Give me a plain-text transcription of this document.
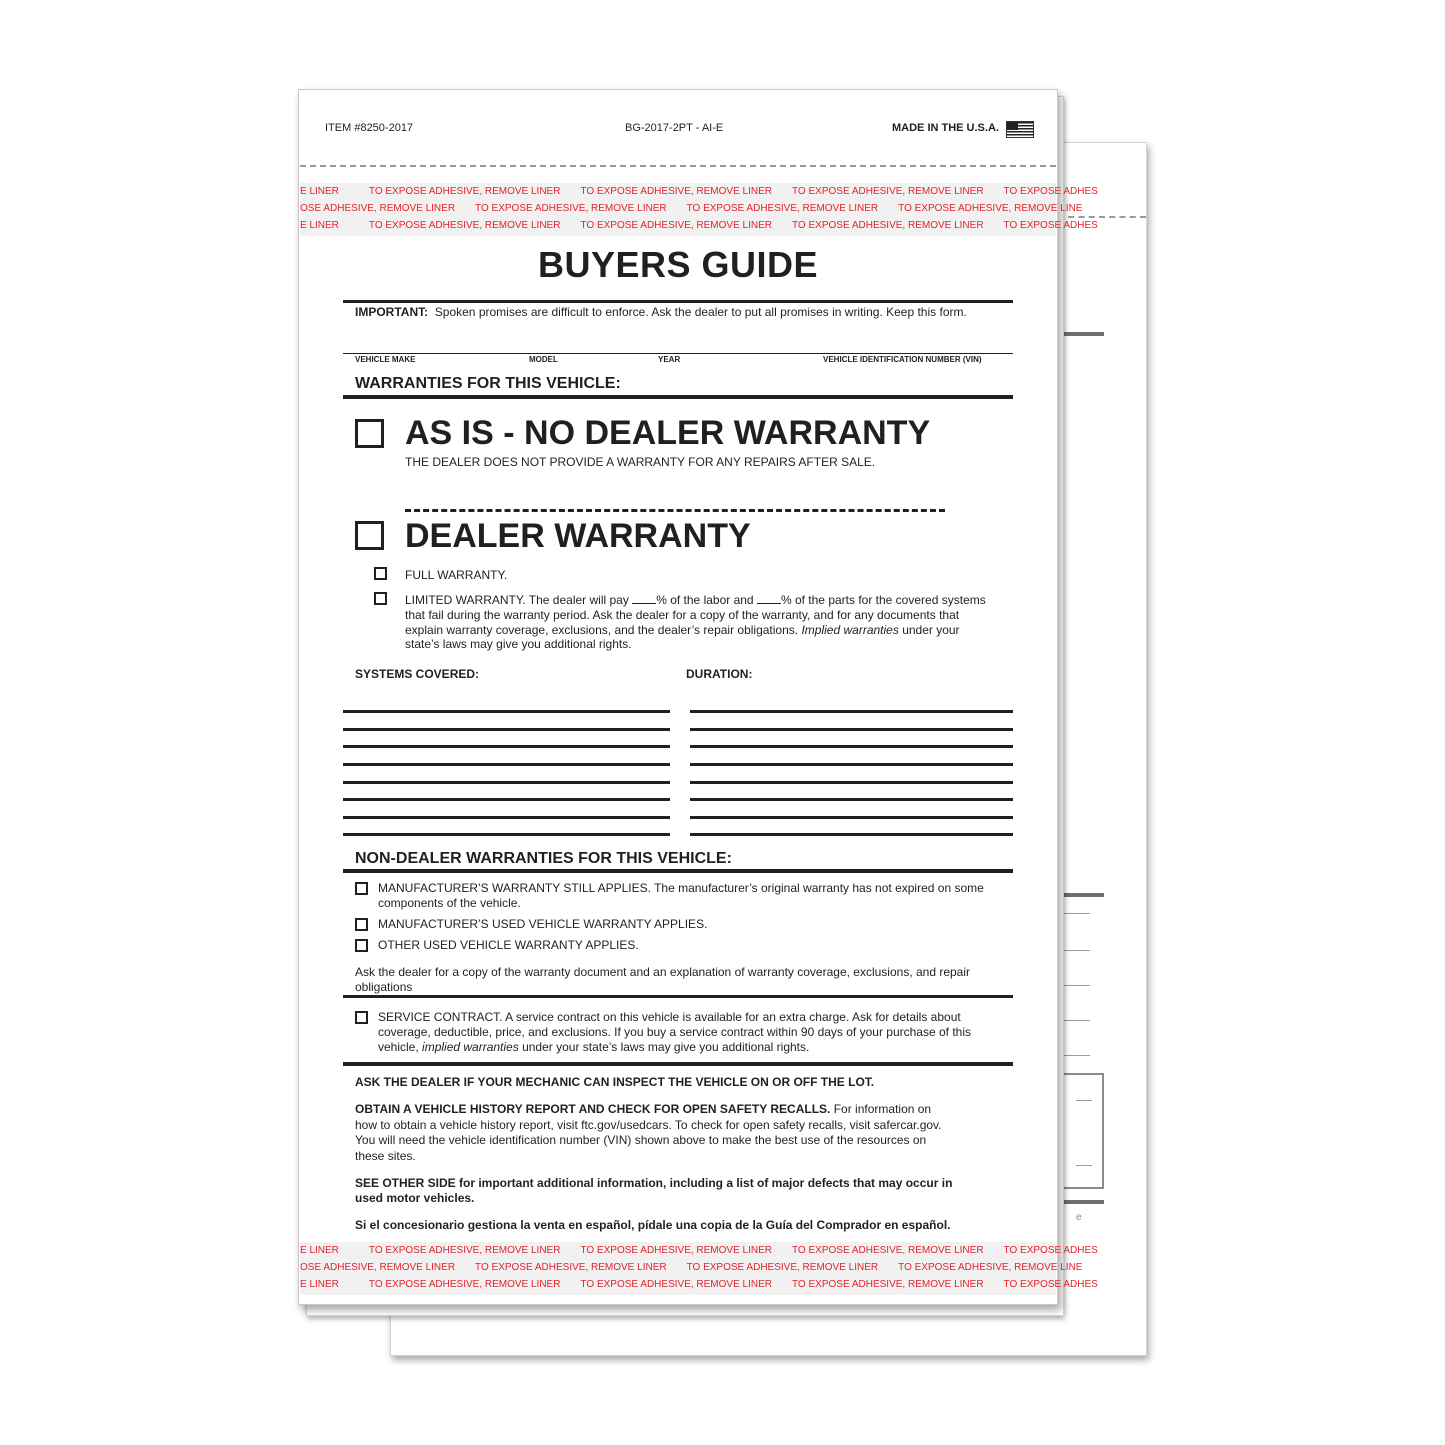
e
ITEM #8250-2017	BG-2017-2PT - AI-E	MADE IN THE U.S.A.
E LINER	TO EXPOSE ADHESIVE, REMOVE LINER TO EXPOSE ADHESIVE, REMOVE LINER TO EXPOSE ADHESIVE, REMOVE LINER TO EXPOSE ADHES
OSE ADHESIVE, REMOVE LINER TO EXPOSE ADHESIVE, REMOVE LINER TO EXPOSE ADHESIVE, REMOVE LINER TO EXPOSE ADHESIVE, REMOVE LINE
E LINER	TO EXPOSE ADHESIVE, REMOVE LINER TO EXPOSE ADHESIVE, REMOVE LINER TO EXPOSE ADHESIVE, REMOVE LINER TO EXPOSE ADHES
BUYERS GUIDE
IMPORTANT: Spoken promises are difficult to enforce. Ask the dealer to put all promises in writing. Keep this form.
VEHICLE MAKE	MODEL	YEAR	VEHICLE IDENTIFICATION NUMBER (VIN)
WARRANTIES FOR THIS VEHICLE:
AS IS - NO DEALER WARRANTY
THE DEALER DOES NOT PROVIDE A WARRANTY FOR ANY REPAIRS AFTER SALE.
DEALER WARRANTY
FULL WARRANTY.
LIMITED WARRANTY. The dealer will pay % of the labor and % of the parts for the covered systems
that fail during the warranty period. Ask the dealer for a copy of the warranty, and for any documents that
explain warranty coverage, exclusions, and the dealer’s repair obligations. Implied warranties under your
state’s laws may give you additional rights.
SYSTEMS COVERED:	DURATION:
NON-DEALER WARRANTIES FOR THIS VEHICLE:
MANUFACTURER’S WARRANTY STILL APPLIES. The manufacturer’s original warranty has not expired on some
components of the vehicle.
MANUFACTURER’S USED VEHICLE WARRANTY APPLIES.
OTHER USED VEHICLE WARRANTY APPLIES.
Ask the dealer for a copy of the warranty document and an explanation of warranty coverage, exclusions, and repair
obligations
SERVICE CONTRACT. A service contract on this vehicle is available for an extra charge. Ask for details about
coverage, deductible, price, and exclusions. If you buy a service contract within 90 days of your purchase of this
vehicle, implied warranties under your state’s laws may give you additional rights.
ASK THE DEALER IF YOUR MECHANIC CAN INSPECT THE VEHICLE ON OR OFF THE LOT.
OBTAIN A VEHICLE HISTORY REPORT AND CHECK FOR OPEN SAFETY RECALLS. For information on
how to obtain a vehicle history report, visit ftc.gov/usedcars. To check for open safety recalls, visit safercar.gov.
You will need the vehicle identification number (VIN) shown above to make the best use of the resources on
these sites.
SEE OTHER SIDE for important additional information, including a list of major defects that may occur in
used motor vehicles.
Si el concesionario gestiona la venta en español, pídale una copia de la Guía del Comprador en español.
E LINER	TO EXPOSE ADHESIVE, REMOVE LINER TO EXPOSE ADHESIVE, REMOVE LINER TO EXPOSE ADHESIVE, REMOVE LINER TO EXPOSE ADHES
OSE ADHESIVE, REMOVE LINER TO EXPOSE ADHESIVE, REMOVE LINER TO EXPOSE ADHESIVE, REMOVE LINER TO EXPOSE ADHESIVE, REMOVE LINE
E LINER	TO EXPOSE ADHESIVE, REMOVE LINER TO EXPOSE ADHESIVE, REMOVE LINER TO EXPOSE ADHESIVE, REMOVE LINER TO EXPOSE ADHES
